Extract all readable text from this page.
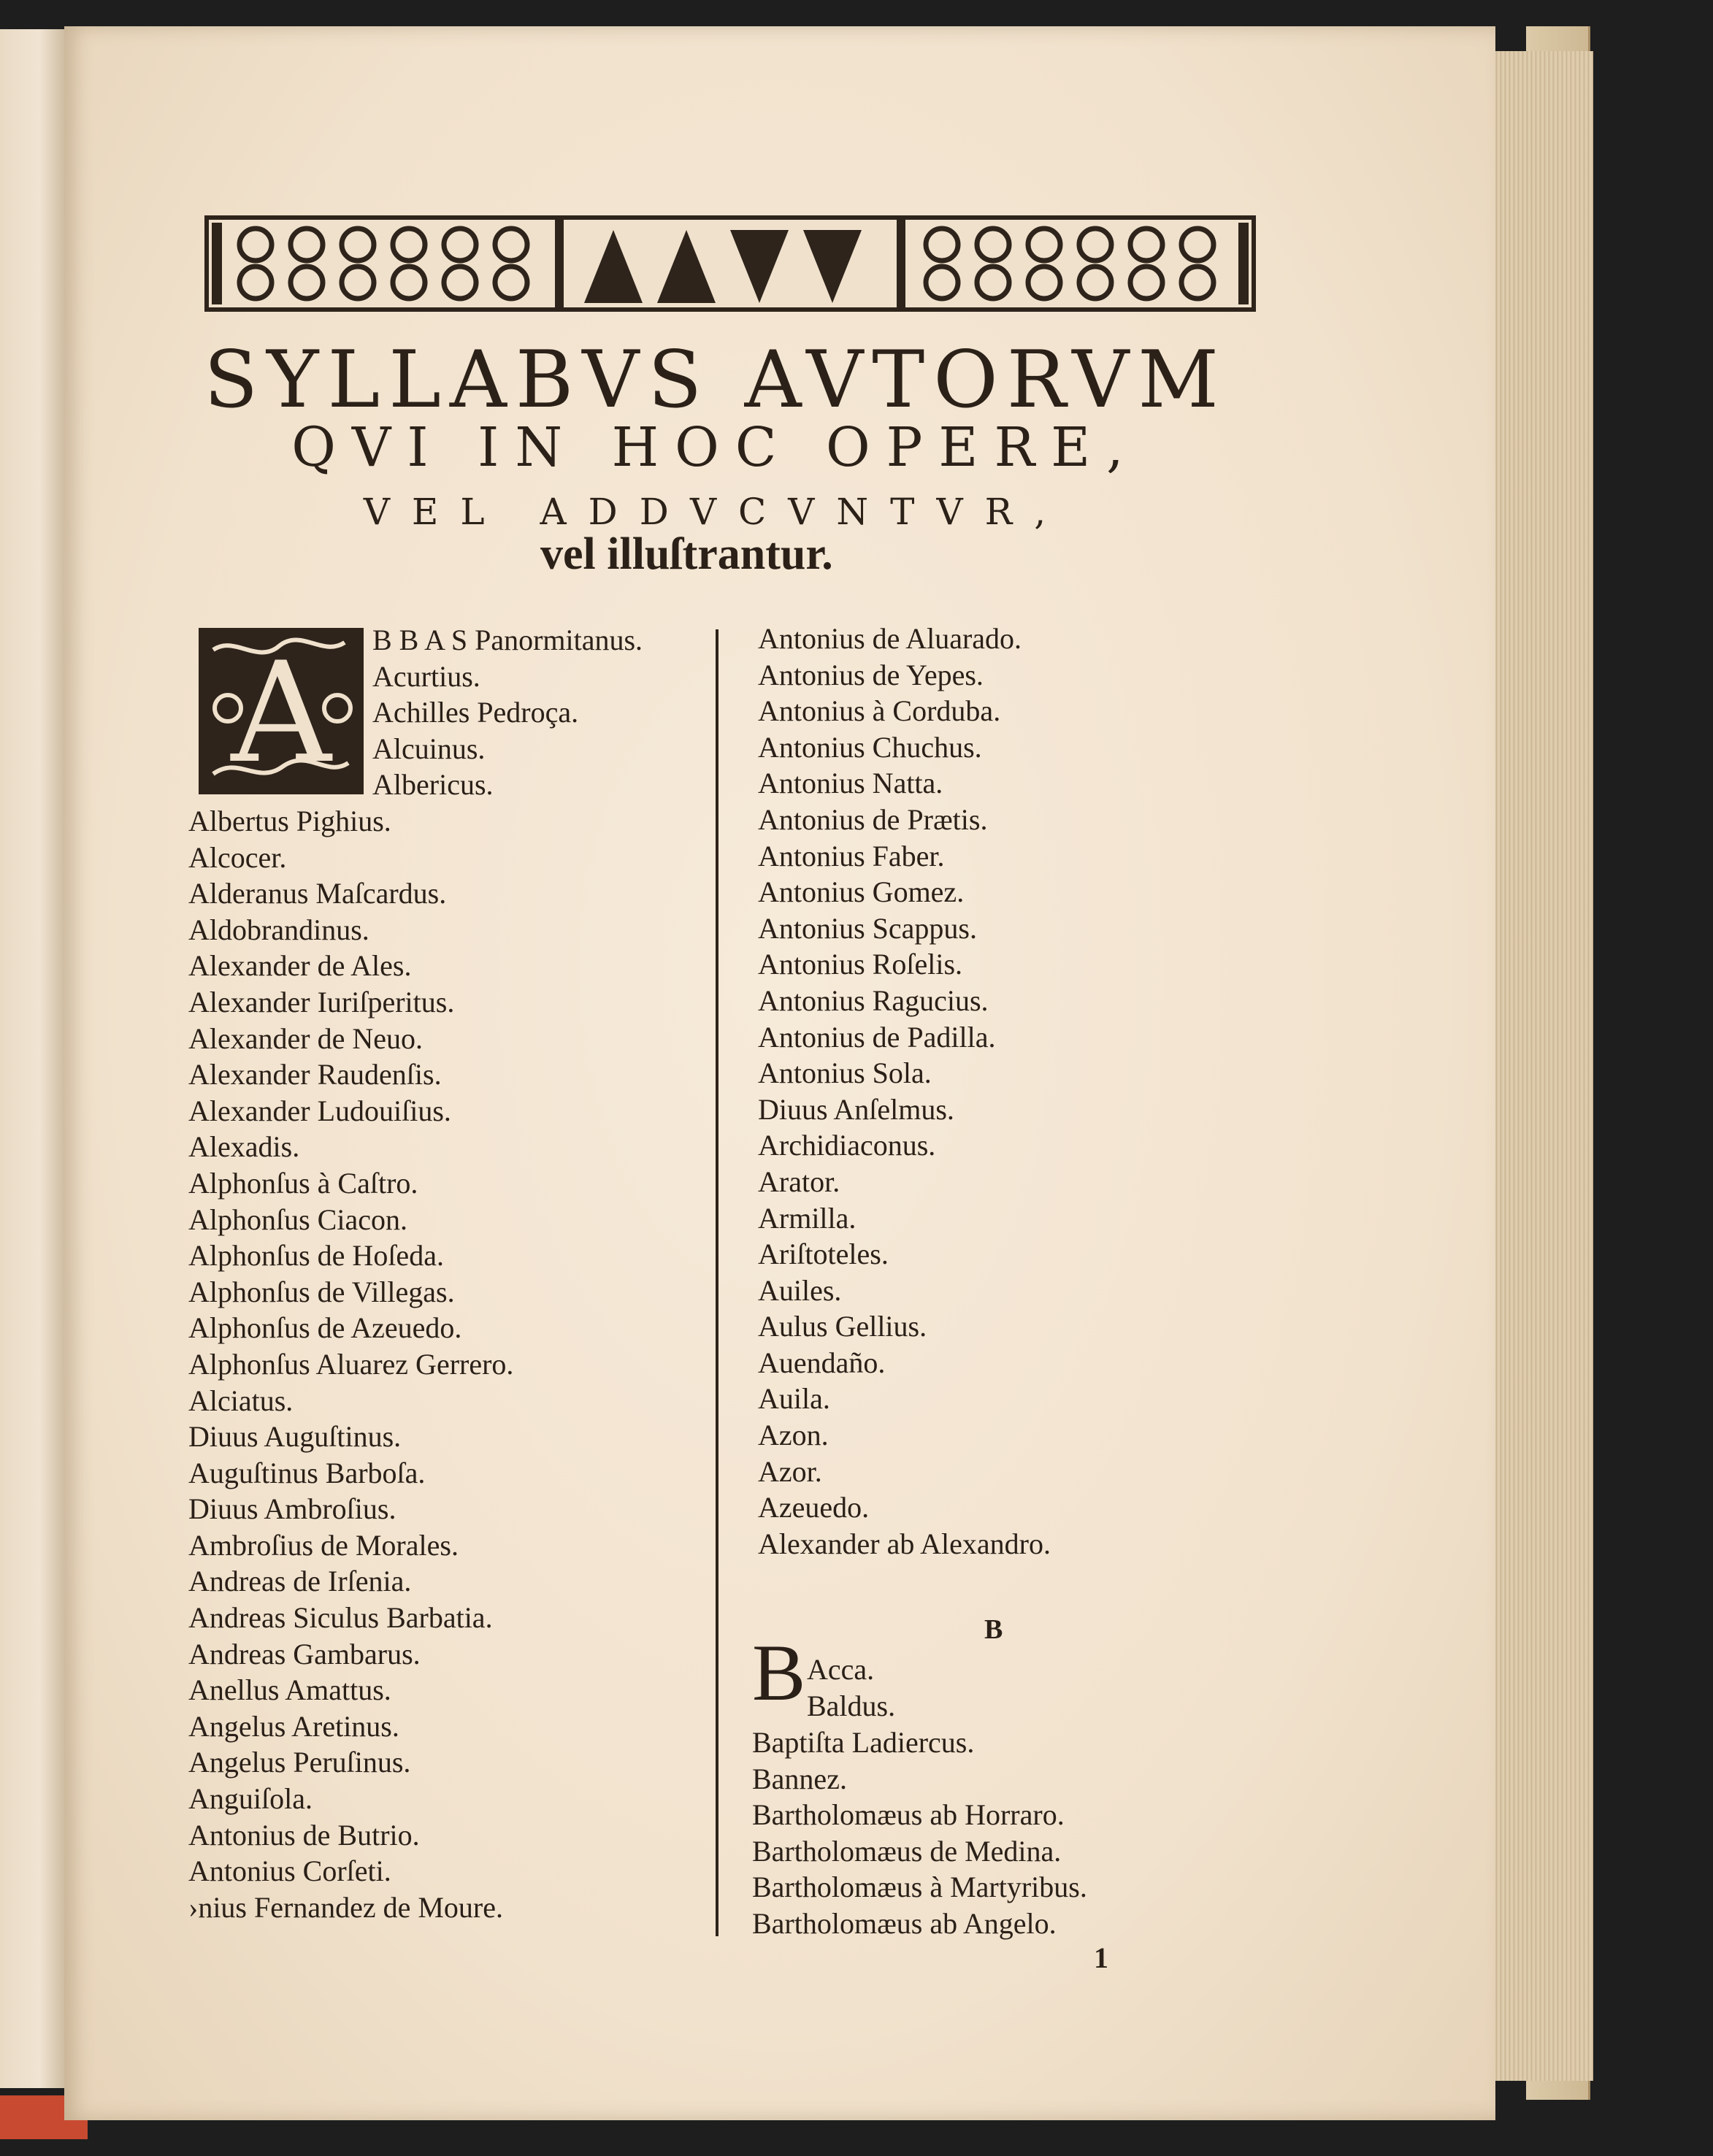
SYLLABVS AVTORVM
QVI IN HOC OPERE,
VEL ADDVCVNTVR,
vel illuſtrantur.
A B B A S Panormitanus.
Acurtius.
Achilles Pedroça.
Alcuinus.
Albericus.
Albertus Pighius.
Alcocer.
Alderanus Maſcardus.
Aldobrandinus.
Alexander de Ales.
Alexander Iuriſperitus.
Alexander de Neuo.
Alexander Raudenſis.
Alexander Ludouiſius.
Alexadis.
Alphonſus à Caſtro.
Alphonſus Ciacon.
Alphonſus de Hoſeda.
Alphonſus de Villegas.
Alphonſus de Azeuedo.
Alphonſus Aluarez Gerrero.
Alciatus.
Diuus Auguſtinus.
Auguſtinus Barboſa.
Diuus Ambroſius.
Ambroſius de Morales.
Andreas de Irſenia.
Andreas Siculus Barbatia.
Andreas Gambarus.
Anellus Amattus.
Angelus Aretinus.
Angelus Peruſinus.
Anguiſola.
Antonius de Butrio.
Antonius Corſeti.
›nius Fernandez de Moure.
Antonius de Aluarado.
Antonius de Yepes.
Antonius à Corduba.
Antonius Chuchus.
Antonius Natta.
Antonius de Prætis.
Antonius Faber.
Antonius Gomez.
Antonius Scappus.
Antonius Roſelis.
Antonius Ragucius.
Antonius de Padilla.
Antonius Sola.
Diuus Anſelmus.
Archidiaconus.
Arator.
Armilla.
Ariſtoteles.
Auiles.
Aulus Gellius.
Auendaño.
Auila.
Azon.
Azor.
Azeuedo.
Alexander ab Alexandro.
B
B Acca.
Baldus.
Baptiſta Ladiercus.
Bannez.
Bartholomæus ab Horraro.
Bartholomæus de Medina.
Bartholomæus à Martyribus.
Bartholomæus ab Angelo.
1
